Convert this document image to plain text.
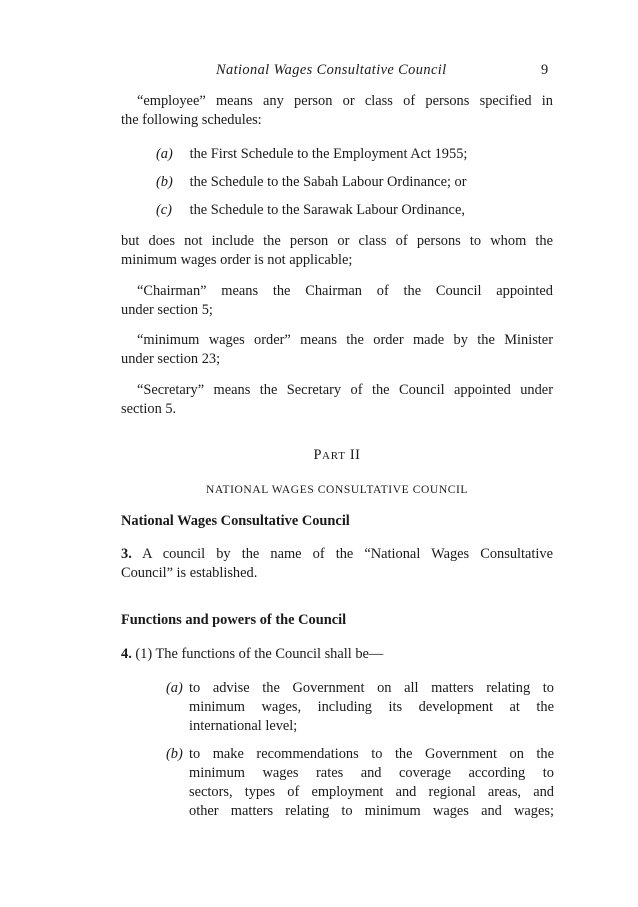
National Wages Consultative Council	9
“employee” means any person or class of persons specified in
the following schedules:
(a) the First Schedule to the Employment Act 1955;
(b) the Schedule to the Sabah Labour Ordinance; or
(c) the Schedule to the Sarawak Labour Ordinance,
but does not include the person or class of persons to whom the
minimum wages order is not applicable;
“Chairman” means the Chairman of the Council appointed
under section 5;
“minimum wages order” means the order made by the Minister
under section 23;
“Secretary” means the Secretary of the Council appointed under
section 5.
PART II
NATIONAL WAGES CONSULTATIVE COUNCIL
National Wages Consultative Council
3. A council by the name of the “National Wages Consultative
Council” is established.
Functions and powers of the Council
4. (1) The functions of the Council shall be—
(a) to advise the Government on all matters relating to
minimum wages, including its development at the
international level;
(b) to make recommendations to the Government on the
minimum wages rates and coverage according to
sectors, types of employment and regional areas, and
other matters relating to minimum wages and wages;
